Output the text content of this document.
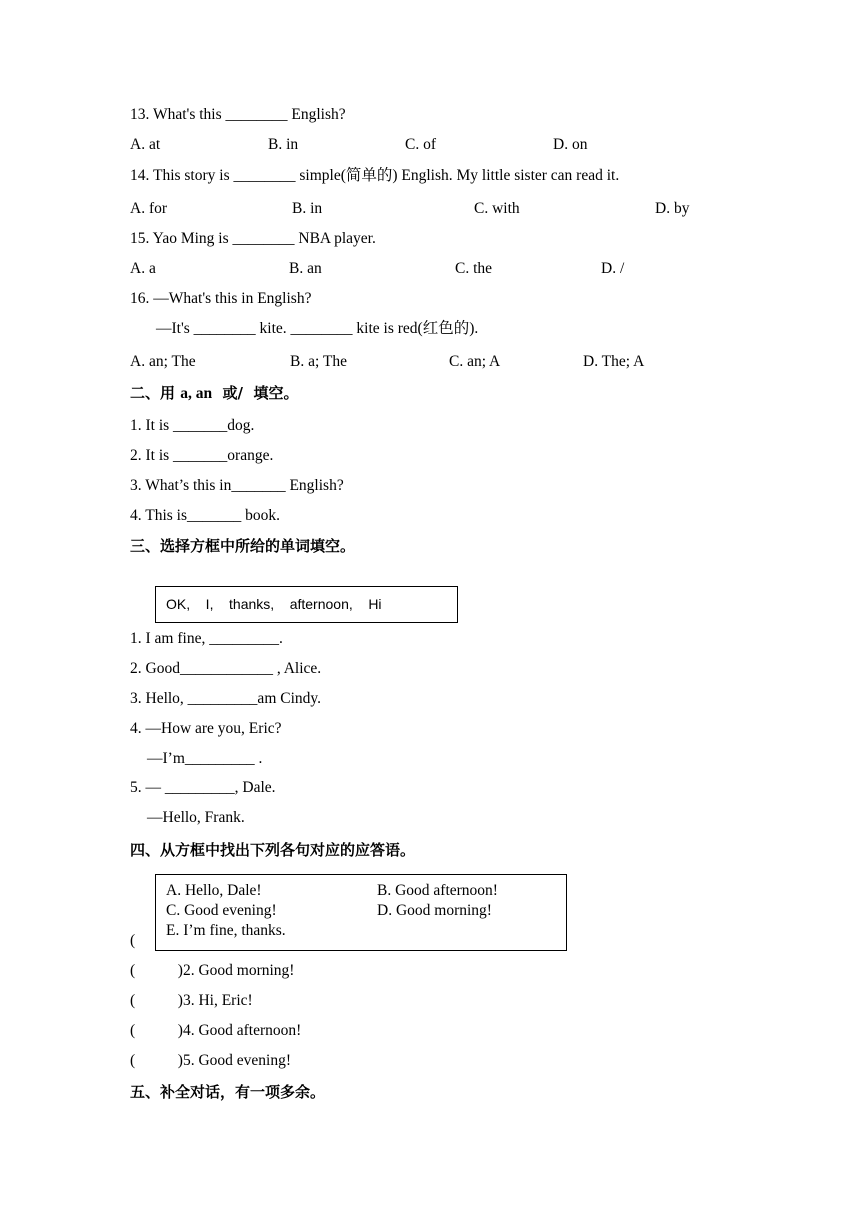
13. What's this ________ English?
A. at	B. in	C. of	D. on
14. This story is ________ simple(简单的) English. My little sister can read it.
A. for	B. in	C. with	D. by
15. Yao Ming is ________ NBA player.
A. a	B. an	C. the	D. /
16. —What's this in English?
—It's ________ kite. ________ kite is red(红色的).
A. an; The	B. a; The	C. an; A	D. The; A
二、用 a, an  或/  填空。
1. It is _______dog.
2. It is _______orange.
3. What’s this in_______ English?
4. This is_______ book.
三、选择方框中所给的单词填空。
OK,    I,    thanks,    afternoon,    Hi
1. I am fine, _________.
2. Good____________ , Alice.
3. Hello, _________am Cindy.
4. —How are you, Eric?
—I’m_________ .
5. — _________, Dale.
—Hello, Frank.
四、从方框中找出下列各句对应的应答语。
A. Hello, Dale!	B. Good afternoon!
C. Good evening!	D. Good morning!
E. I’m fine, thanks.
(
(           )2. Good morning!
(           )3. Hi, Eric!
(           )4. Good afternoon!
(           )5. Good evening!
五、补全对话，有一项多余。
